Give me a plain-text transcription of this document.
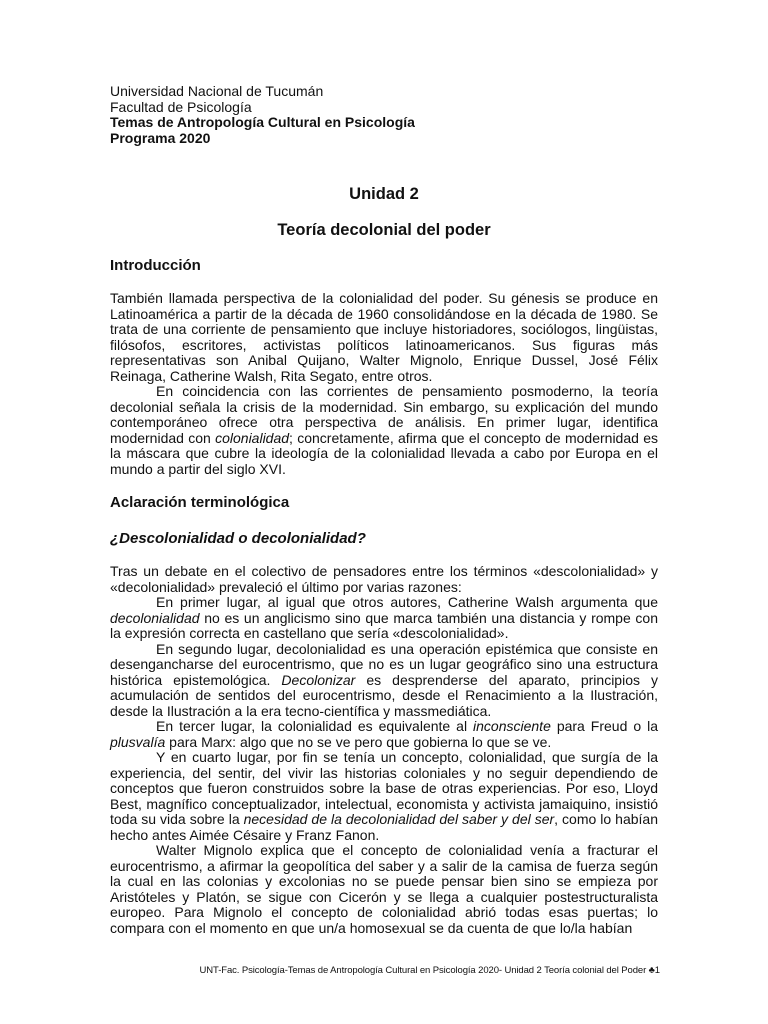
Universidad Nacional de Tucumán

Facultad de Psicología

Temas de Antropología Cultural en Psicología

Programa 2020

Unidad 2
Teoría decolonial del poder
Introducción

También llamada perspectiva de la colonialidad del poder. Su génesis se produce en Latinoamérica a partir de la década de 1960 consolidándose en la década de 1980. Se trata de una corriente de pensamiento que incluye historiadores, sociólogos, lingüistas, filósofos, escritores, activistas políticos latinoamericanos. Sus figuras más representativas son Anibal Quijano, Walter Mignolo, Enrique Dussel, José Félix Reinaga, Catherine Walsh, Rita Segato, entre otros.

En coincidencia con las corrientes de pensamiento posmoderno, la teoría decolonial señala la crisis de la modernidad. Sin embargo, su explicación del mundo contemporáneo ofrece otra perspectiva de análisis. En primer lugar, identifica modernidad con colonialidad; concretamente, afirma que el concepto de modernidad es la máscara que cubre la ideología de la colonialidad llevada a cabo por Europa en el mundo a partir del siglo XVI.

Aclaración terminológica
¿Descolonialidad o decolonialidad?

Tras un debate en el colectivo de pensadores entre los términos «descolonialidad» y «decolonialidad» prevaleció el último por varias razones:

En primer lugar, al igual que otros autores, Catherine Walsh argumenta que decolonialidad no es un anglicismo sino que marca también una distancia y rompe con la expresión correcta en castellano que sería «descolonialidad».

En segundo lugar, decolonialidad es una operación epistémica que consiste en desengancharse del eurocentrismo, que no es un lugar geográfico sino una estructura histórica epistemológica. Decolonizar es desprenderse del aparato, principios y acumulación de sentidos del eurocentrismo, desde el Renacimiento a la Ilustración, desde la Ilustración a la era tecno-científica y massmediática.

En tercer lugar, la colonialidad es equivalente al inconsciente para Freud o la plusvalía para Marx: algo que no se ve pero que gobierna lo que se ve.

Y en cuarto lugar, por fin se tenía un concepto, colonialidad, que surgía de la experiencia, del sentir, del vivir las historias coloniales y no seguir dependiendo de conceptos que fueron construidos sobre la base de otras experiencias. Por eso, Lloyd Best, magnífico conceptualizador, intelectual, economista y activista jamaiquino, insistió toda su vida sobre la necesidad de la decolonialidad del saber y del ser, como lo habían hecho antes Aimée Césaire y Franz Fanon.

Walter Mignolo explica que el concepto de colonialidad venía a fracturar el eurocentrismo, a afirmar la geopolítica del saber y a salir de la camisa de fuerza según la cual en las colonias y excolonias no se puede pensar bien sino se empieza por Aristóteles y Platón, se sigue con Cicerón y se llega a cualquier postestructuralista europeo. Para Mignolo el concepto de colonialidad abrió todas esas puertas; lo compara con el momento en que un/a homosexual se da cuenta de que lo/la habían

UNT-Fac. Psicología-Temas de Antropología Cultural en Psicología 2020- Unidad 2 Teoría colonial del Poder ♣1
